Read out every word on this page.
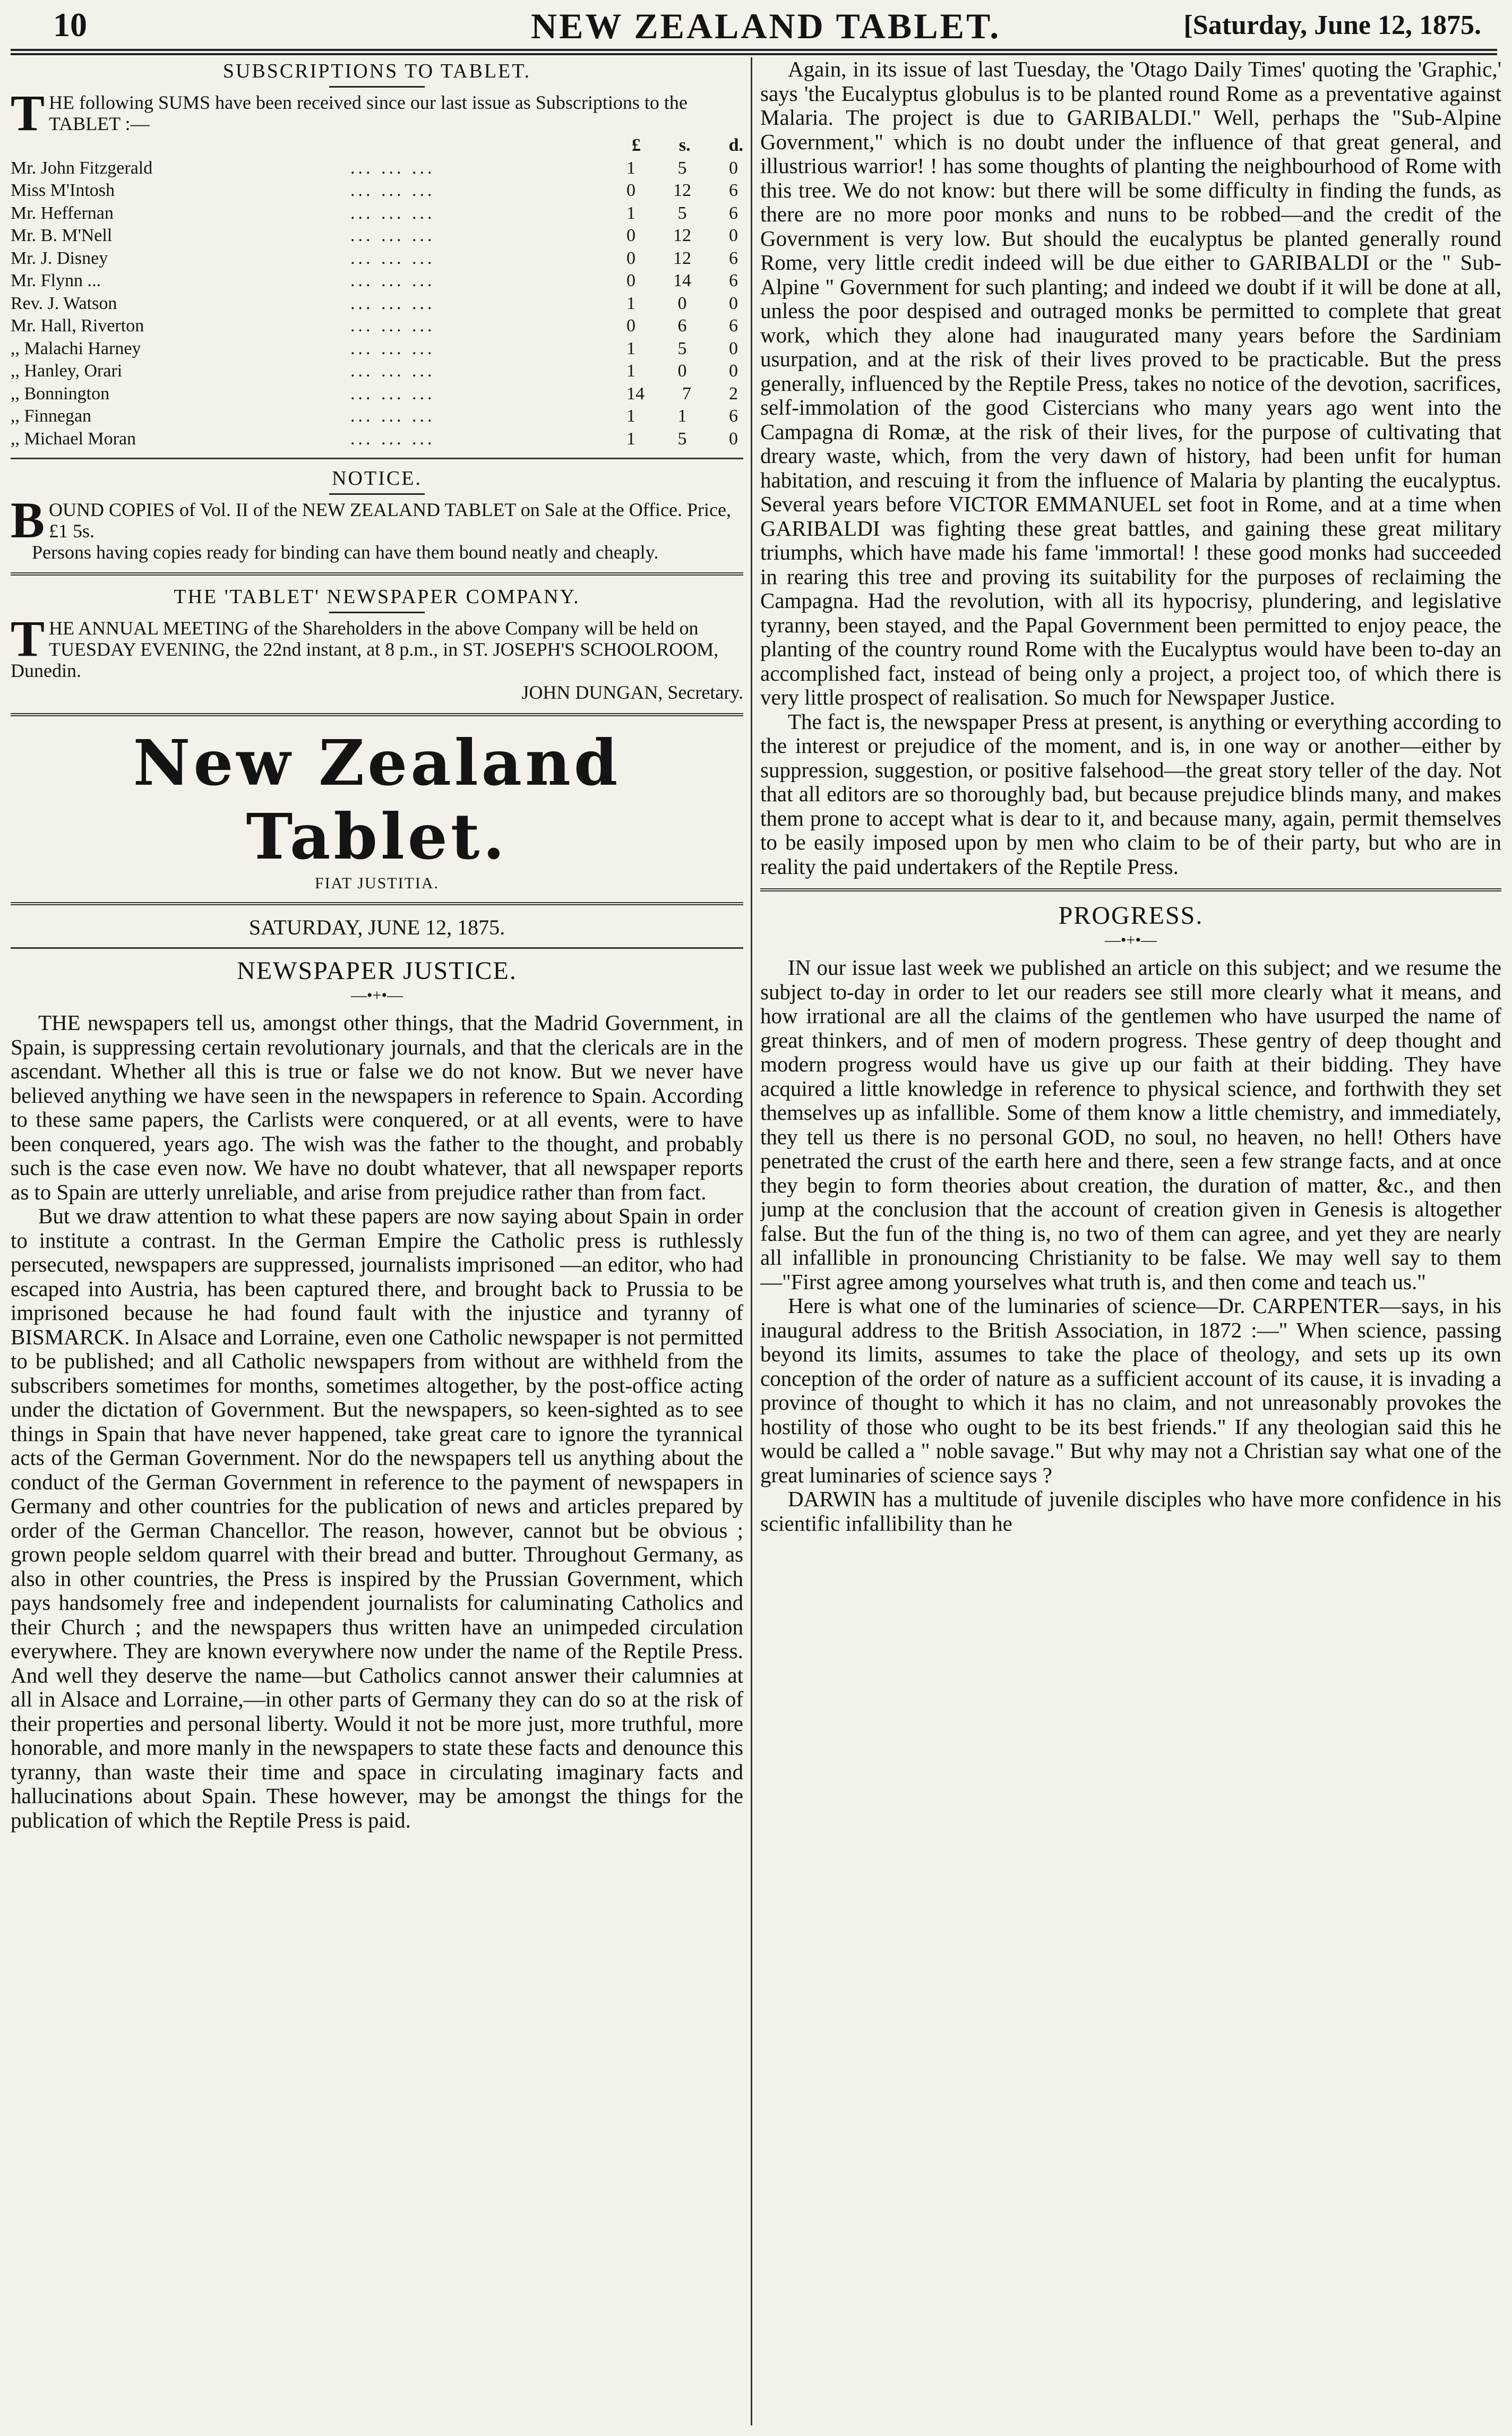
10	NEW ZEALAND TABLET.	[Saturday, June 12, 1875.
SUBSCRIPTIONS TO TABLET.

THE following SUMS have been received since our last issue as Subscriptions to the TABLET :—

£ s. d.
Mr. John Fitzgerald	... ... ...	1 5 0
Miss M'Intosh	... ... ...	0 12 6
Mr. Heffernan	... ... ...	1 5 6
Mr. B. M'Nell	... ... ...	0 12 0
Mr. J. Disney	... ... ...	0 12 6
Mr. Flynn ...	... ... ...	0 14 6
Rev. J. Watson	... ... ...	1 0 0
Mr. Hall, Riverton	... ... ...	0 6 6
,, Malachi Harney	... ... ...	1 5 0
,, Hanley, Orari	... ... ...	1 0 0
,, Bonnington	... ... ...	14 7 2
,, Finnegan	... ... ...	1 1 6
,, Michael Moran	... ... ...	1 5 0
NOTICE.

BOUND COPIES of Vol. II of the NEW ZEALAND TABLET on Sale at the Office. Price, £1 5s.

Persons having copies ready for binding can have them bound neatly and cheaply.

THE 'TABLET' NEWSPAPER COMPANY.

THE ANNUAL MEETING of the Shareholders in the above Company will be held on TUESDAY EVENING, the 22nd instant, at 8 p.m., in ST. JOSEPH'S SCHOOLROOM, Dunedin.

JOHN DUNGAN, Secretary.

New Zealand Tablet.
FIAT JUSTITIA.
SATURDAY, JUNE 12, 1875.
NEWSPAPER JUSTICE.
—•+•—

THE newspapers tell us, amongst other things, that the Madrid Government, in Spain, is suppressing certain revolutionary journals, and that the clericals are in the ascendant. Whether all this is true or false we do not know. But we never have believed anything we have seen in the newspapers in reference to Spain. According to these same papers, the Carlists were conquered, or at all events, were to have been conquered, years ago. The wish was the father to the thought, and probably such is the case even now. We have no doubt whatever, that all newspaper reports as to Spain are utterly unreliable, and arise from prejudice rather than from fact.

But we draw attention to what these papers are now saying about Spain in order to institute a contrast. In the German Empire the Catholic press is ruthlessly persecuted, newspapers are suppressed, journalists imprisoned —an editor, who had escaped into Austria, has been captured there, and brought back to Prussia to be imprisoned because he had found fault with the injustice and tyranny of BISMARCK. In Alsace and Lorraine, even one Catholic newspaper is not permitted to be published; and all Catholic newspapers from without are withheld from the subscribers sometimes for months, sometimes altogether, by the post-office acting under the dictation of Government. But the newspapers, so keen-sighted as to see things in Spain that have never happened, take great care to ignore the tyrannical acts of the German Government. Nor do the newspapers tell us anything about the conduct of the German Government in reference to the payment of newspapers in Germany and other countries for the publication of news and articles prepared by order of the German Chancellor. The reason, however, cannot but be obvious ; grown people seldom quarrel with their bread and butter. Throughout Germany, as also in other countries, the Press is inspired by the Prussian Government, which pays handsomely free and independent journalists for caluminating Catholics and their Church ; and the newspapers thus written have an unimpeded circulation everywhere. They are known everywhere now under the name of the Reptile Press. And well they deserve the name—but Catholics cannot answer their calumnies at all in Alsace and Lorraine,—in other parts of Germany they can do so at the risk of their properties and personal liberty. Would it not be more just, more truthful, more honorable, and more manly in the newspapers to state these facts and denounce this tyranny, than waste their time and space in circulating imaginary facts and hallucinations about Spain. These however, may be amongst the things for the publication of which the Reptile Press is paid.

Again, in its issue of last Tuesday, the 'Otago Daily Times' quoting the 'Graphic,' says 'the Eucalyptus globulus is to be planted round Rome as a preventative against Malaria. The project is due to GARIBALDI." Well, perhaps the "Sub-Alpine Government," which is no doubt under the influence of that great general, and illustrious warrior! ! has some thoughts of planting the neighbourhood of Rome with this tree. We do not know: but there will be some difficulty in finding the funds, as there are no more poor monks and nuns to be robbed—and the credit of the Government is very low. But should the eucalyptus be planted generally round Rome, very little credit indeed will be due either to GARIBALDI or the " Sub-Alpine " Government for such planting; and indeed we doubt if it will be done at all, unless the poor despised and outraged monks be permitted to complete that great work, which they alone had inaugurated many years before the Sardiniam usurpation, and at the risk of their lives proved to be practicable. But the press generally, influenced by the Reptile Press, takes no notice of the devotion, sacrifices, self-immolation of the good Cistercians who many years ago went into the Campagna di Romæ, at the risk of their lives, for the purpose of cultivating that dreary waste, which, from the very dawn of history, had been unfit for human habitation, and rescuing it from the influence of Malaria by planting the eucalyptus. Several years before VICTOR EMMANUEL set foot in Rome, and at a time when GARIBALDI was fighting these great battles, and gaining these great military triumphs, which have made his fame 'immortal! ! these good monks had succeeded in rearing this tree and proving its suitability for the purposes of reclaiming the Campagna. Had the revolution, with all its hypocrisy, plundering, and legislative tyranny, been stayed, and the Papal Government been permitted to enjoy peace, the planting of the country round Rome with the Eucalyptus would have been to-day an accomplished fact, instead of being only a project, a project too, of which there is very little prospect of realisation. So much for Newspaper Justice.

The fact is, the newspaper Press at present, is anything or everything according to the interest or prejudice of the moment, and is, in one way or another—either by suppression, suggestion, or positive falsehood—the great story teller of the day. Not that all editors are so thoroughly bad, but because prejudice blinds many, and makes them prone to accept what is dear to it, and because many, again, permit themselves to be easily imposed upon by men who claim to be of their party, but who are in reality the paid undertakers of the Reptile Press.

PROGRESS.
—•+•—

IN our issue last week we published an article on this subject; and we resume the subject to-day in order to let our readers see still more clearly what it means, and how irrational are all the claims of the gentlemen who have usurped the name of great thinkers, and of men of modern progress. These gentry of deep thought and modern progress would have us give up our faith at their bidding. They have acquired a little knowledge in reference to physical science, and forthwith they set themselves up as infallible. Some of them know a little chemistry, and immediately, they tell us there is no personal GOD, no soul, no heaven, no hell! Others have penetrated the crust of the earth here and there, seen a few strange facts, and at once they begin to form theories about creation, the duration of matter, &c., and then jump at the conclusion that the account of creation given in Genesis is altogether false. But the fun of the thing is, no two of them can agree, and yet they are nearly all infallible in pronouncing Christianity to be false. We may well say to them—"First agree among yourselves what truth is, and then come and teach us."

Here is what one of the luminaries of science—Dr. CARPENTER—says, in his inaugural address to the British Association, in 1872 :—" When science, passing beyond its limits, assumes to take the place of theology, and sets up its own conception of the order of nature as a sufficient account of its cause, it is invading a province of thought to which it has no claim, and not unreasonably provokes the hostility of those who ought to be its best friends." If any theologian said this he would be called a " noble savage." But why may not a Christian say what one of the great luminaries of science says ?

DARWIN has a multitude of juvenile disciples who have more confidence in his scientific infallibility than he
